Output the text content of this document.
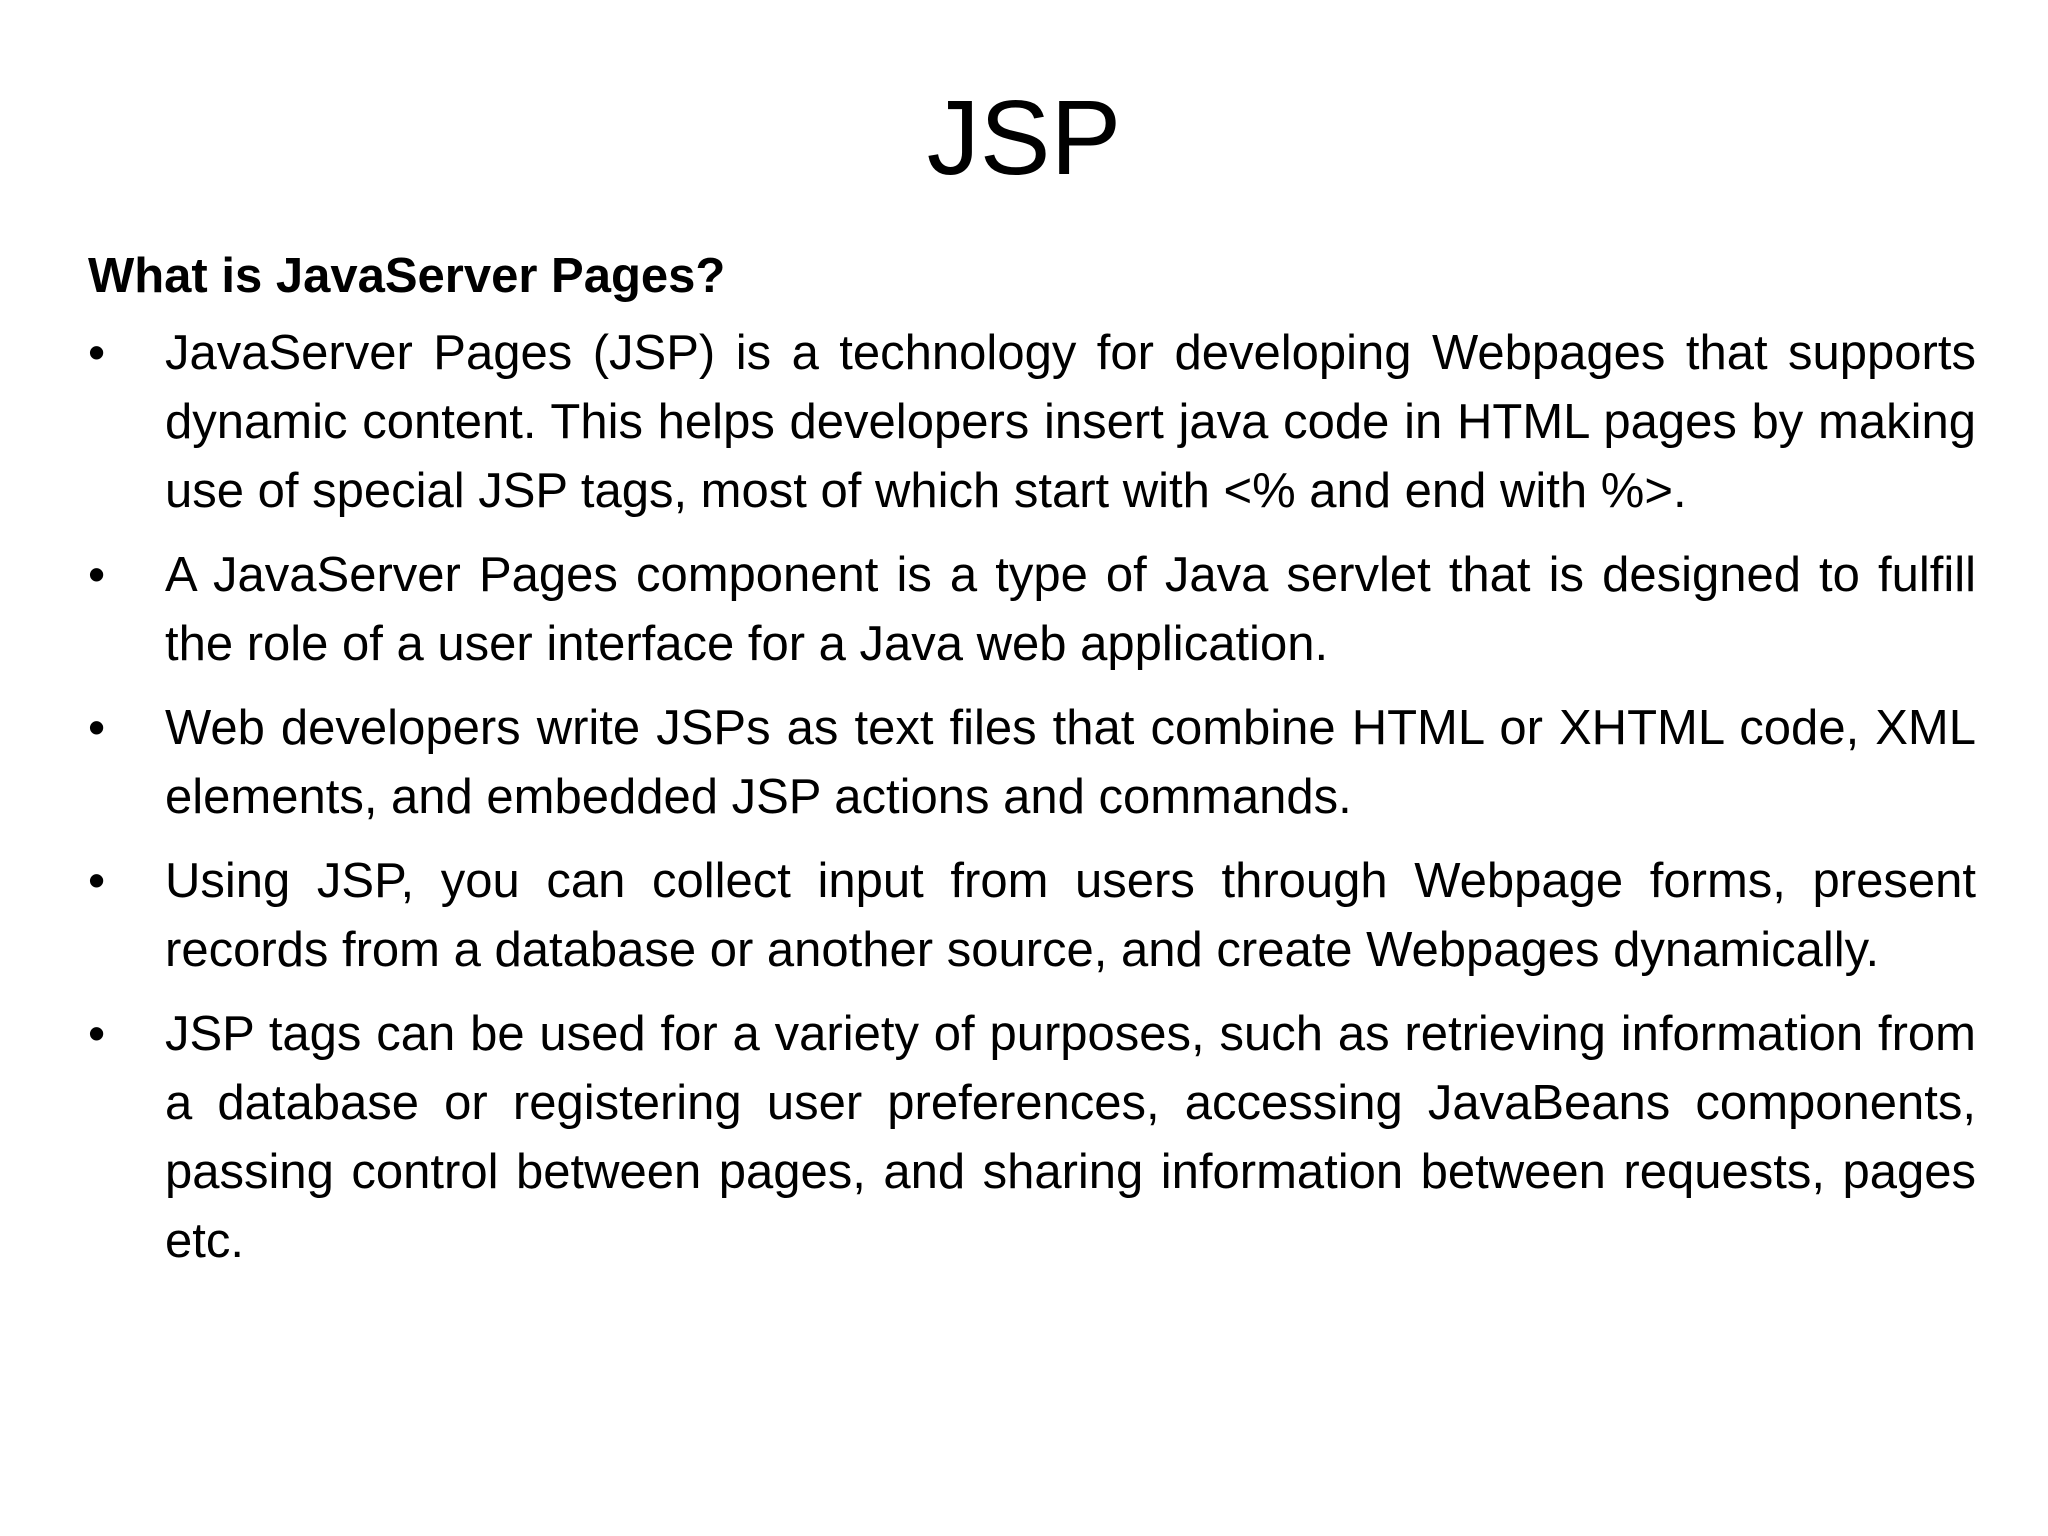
JSP
What is JavaServer Pages?
•	JavaServer Pages (JSP) is a technology for developing Webpages that supports dynamic content. This helps developers insert java code in HTML pages by making use of special JSP tags, most of which start with <% and end with %>.
•	A JavaServer Pages component is a type of Java servlet that is designed to fulfill the role of a user interface for a Java web application.
•	Web developers write JSPs as text files that combine HTML or XHTML code, XML elements, and embedded JSP actions and commands.
•	Using JSP, you can collect input from users through Webpage forms, present records from a database or another source, and create Webpages dynamically.
•	JSP tags can be used for a variety of purposes, such as retrieving information from a database or registering user preferences, accessing JavaBeans components, passing control between pages, and sharing information between requests, pages etc.
